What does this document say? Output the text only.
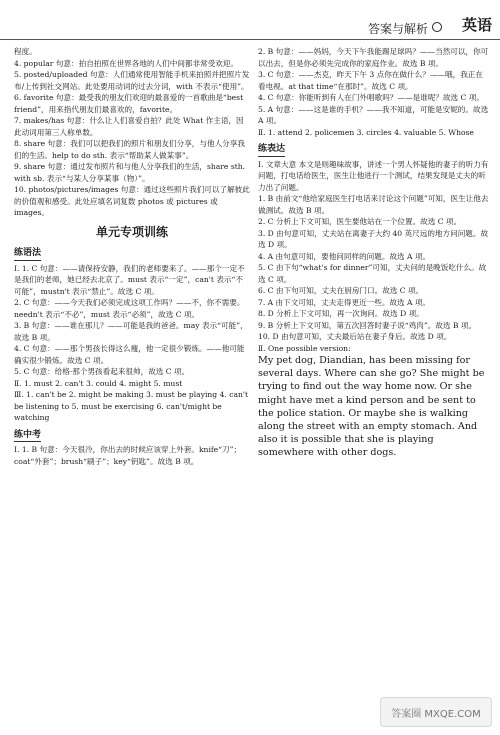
答案与解析 英语

程度。

4. popular 句意：拍自拍照在世界各地的人们中间都非常受欢迎。

5. posted/uploaded 句意：人们通常使用智能手机来拍照并把照片发布/上传到社交网站。此处要用动词的过去分词，with 不表示“使用”。

6. favorite 句意：最受我的朋友们欢迎的最喜爱的一首歌曲是“best friend”，用来指代朋友们最喜欢的，favorite。

7. makes/has 句意：什么让人们喜爱自拍？此处 What 作主语，因此动词用第三人称单数。

8. share 句意：我们可以把我们的照片和朋友们分享，与他人分享我们的生活。help to do sth. 表示“帮助某人做某事”。

9. share 句意：通过发布照片和与他人分享我们的生活，share sth. with sb. 表示“与某人分享某事（物）”。

10. photos/pictures/images 句意：通过这些照片我们可以了解彼此的价值观和感受。此处应填名词复数 photos 或 pictures 或 images。

单元专项训练
练语法

Ⅰ. 1. C 句意：——请保持安静，我们的老师要来了。——那个一定不是我们的老师，她已经去北京了。must 表示“一定”，can't 表示“不可能”，mustn't 表示“禁止”。故选 C 项。

2. C 句意：——今天我们必须完成这项工作吗？——不，你不需要。needn't 表示“不必”，must 表示“必须”，故选 C 项。

3. B 句意：——谁在那儿？——可能是我的爸爸。may 表示“可能”，故选 B 项。

4. C 句意：——那个男孩长得这么瘦，他一定很少锻炼。——他可能确实很少锻炼。故选 C 项。

5. C 句意：给格·那个男孩看起来很帅，故选 C 项。

Ⅱ. 1. must 2. can't 3. could 4. might 5. must

Ⅲ. 1. can't be 2. might be making 3. must be playing 4. can't be listening to 5. must be exercising 6. can't/might be watching

练中考

Ⅰ. 1. B 句意：今天很冷，你出去的时候应该穿上外套。knife“刀”；coat“外套”；brush“刷子”；key“钥匙”。故选 B 项。

2. B 句意：——妈妈，今天下午我能踢足球吗？——当然可以，你可以出去，但是你必须先完成你的家庭作业。故选 B 项。

3. C 句意：——杰克，昨天下午 3 点你在做什么？——哦，我正在看电视。at that time“在那时”。故选 C 项。

4. C 句意：你能听到有人在门外唱歌吗？——是谁呢？故选 C 项。

5. A 句意：——这是谁的手机？——我不知道，可能是安妮的。故选 A 项。

Ⅱ. 1. attend 2. policemen 3. circles 4. valuable 5. Whose

练表达

Ⅰ. 文章大意 本文是则趣味故事，讲述一个男人怀疑他的妻子的听力有问题，打电话给医生，医生让他进行一个测试，结果发现是丈夫的听力出了问题。

1. B 由前文“他给家庭医生打电话来讨论这个问题”可知，医生让他去做测试。故选 B 项。

2. C 分析上下文可知，医生要他站在一个位置。故选 C 项。

3. D 由句意可知，丈夫站在离妻子大约 40 英尺远的地方问问题。故选 D 项。

4. A 由句意可知，要他问同样的问题。故选 A 项。

5. C 由下句“what's for dinner”可知，丈夫问的是晚饭吃什么。故选 C 项。

6. C 由下句可知，丈夫在厨房门口。故选 C 项。

7. A 由下文可知，丈夫走得更近一些。故选 A 项。

8. D 分析上下文可知，再一次询问。故选 D 项。

9. B 分析上下文可知，第五次回答时妻子说“鸡肉”。故选 B 项。

10. D 由句意可知，丈夫最后站在妻子身后。故选 D 项。

Ⅱ. One possible version:

My pet dog, Diandian, has been missing for several days. Where can she go? She might be trying to find out the way home now. Or she might have met a kind person and be sent to the police station. Or maybe she is walking along the street with an empty stomach. And also it is possible that she is playing somewhere with other dogs.

答案圈 MXQE.COM
